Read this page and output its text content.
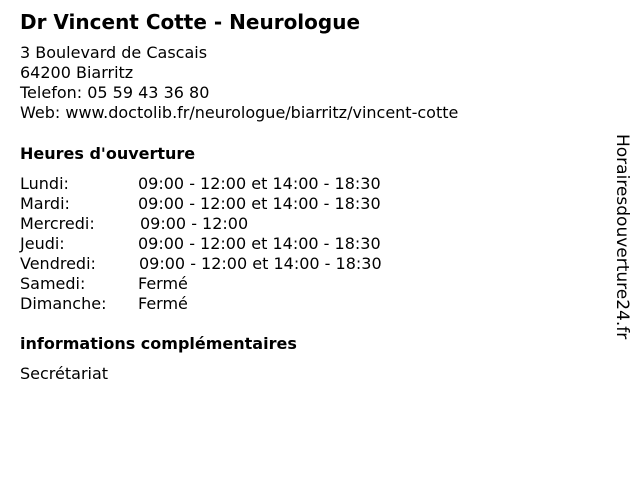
Dr Vincent Cotte - Neurologue
3 Boulevard de Cascais
64200 Biarritz
Telefon: 05 59 43 36 80
Web: www.doctolib.fr/neurologue/biarritz/vincent-cotte
Heures d'ouverture
Lundi:	09:00 - 12:00 et 14:00 - 18:30
Mardi:	09:00 - 12:00 et 14:00 - 18:30
Mercredi:	09:00 - 12:00
Jeudi:	09:00 - 12:00 et 14:00 - 18:30
Vendredi:	09:00 - 12:00 et 14:00 - 18:30
Samedi:	Fermé
Dimanche: Fermé
informations complémentaires
Secrétariat
Horairesdouverture24.fr
